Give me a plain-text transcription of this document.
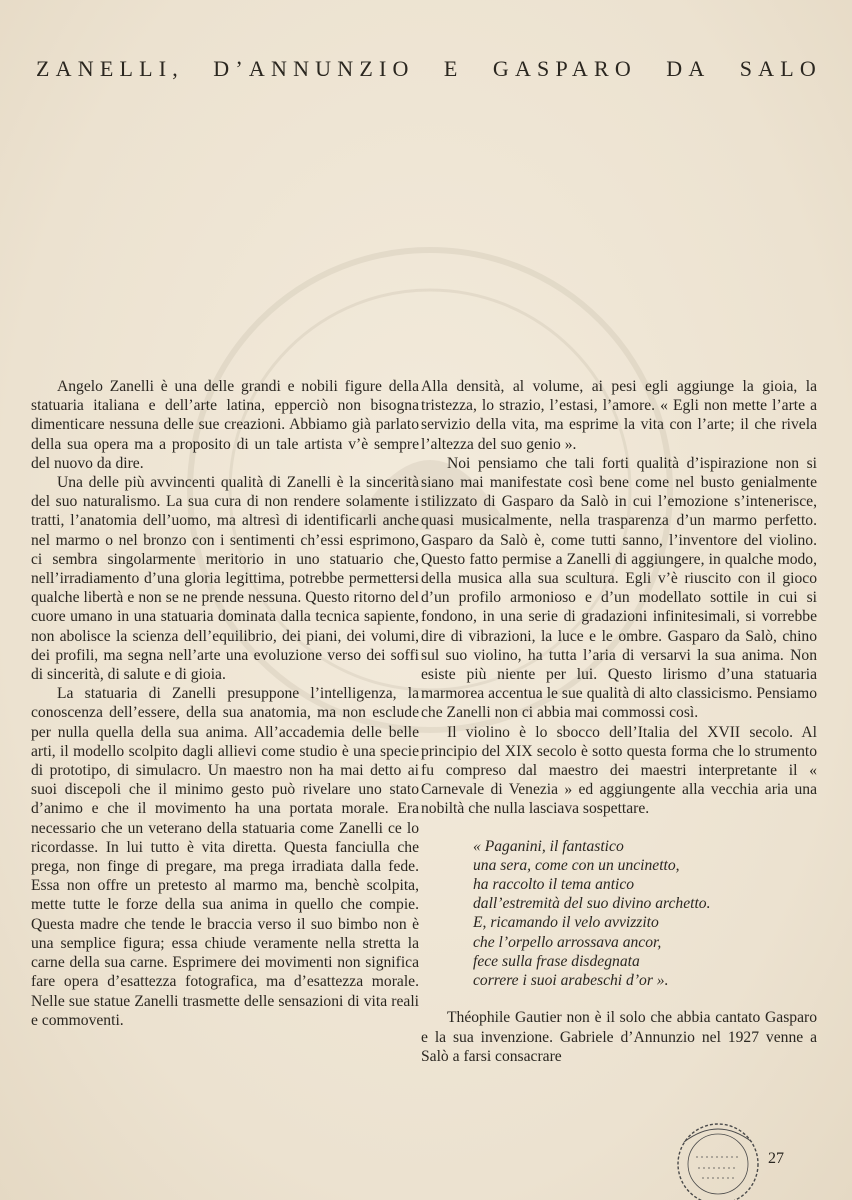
ZANELLI, D’ANNUNZIO E GASPARO DA SALO

Angelo Zanelli è una delle grandi e nobili figure della statuaria italiana e dell’arte latina, epperciò non bisogna dimenticare nessuna delle sue creazioni. Abbiamo già parlato della sua opera ma a proposito di un tale artista v’è sempre del nuovo da dire.

Una delle più avvincenti qualità di Zanelli è la sincerità del suo naturalismo. La sua cura di non rendere solamente i tratti, l’anatomia dell’uomo, ma altresì di identificarli anche nel marmo o nel bronzo con i sentimenti ch’essi esprimono, ci sembra singolarmente meritorio in uno statuario che, nell’irradiamento d’una gloria legittima, potrebbe permettersi qualche libertà e non se ne prende nessuna. Questo ritorno del cuore umano in una statuaria dominata dalla tecnica sapiente, non abolisce la scienza dell’equilibrio, dei piani, dei volumi, dei profili, ma segna nell’arte una evoluzione verso dei soffi di sincerità, di salute e di gioia.

La statuaria di Zanelli presuppone l’intelligenza, la conoscenza dell’essere, della sua anatomia, ma non esclude per nulla quella della sua anima. All’accademia delle belle arti, il modello scolpito dagli allievi come studio è una specie di prototipo, di simulacro. Un maestro non ha mai detto ai suoi discepoli che il minimo gesto può rivelare uno stato d’animo e che il movimento ha una portata morale. Era necessario che un veterano della statuaria come Zanelli ce lo ricordasse. In lui tutto è vita diretta. Questa fanciulla che prega, non finge di pregare, ma prega irradiata dalla fede. Essa non offre un pretesto al marmo ma, benchè scolpita, mette tutte le forze della sua anima in quello che compie. Questa madre che tende le braccia verso il suo bimbo non è una semplice figura; essa chiude veramente nella stretta la carne della sua carne. Esprimere dei movimenti non significa fare opera d’esattezza fotografica, ma d’esattezza morale. Nelle sue statue Zanelli trasmette delle sensazioni di vita reali e commoventi.

Alla densità, al volume, ai pesi egli aggiunge la gioia, la tristezza, lo strazio, l’estasi, l’amore. « Egli non mette l’arte a servizio della vita, ma esprime la vita con l’arte; il che rivela l’altezza del suo genio ».

Noi pensiamo che tali forti qualità d’ispirazione non si siano mai manifestate così bene come nel busto genialmente stilizzato di Gasparo da Salò in cui l’emozione s’intenerisce, quasi musicalmente, nella trasparenza d’un marmo perfetto. Gasparo da Salò è, come tutti sanno, l’inventore del violino. Questo fatto permise a Zanelli di aggiungere, in qualche modo, della musica alla sua scultura. Egli v’è riuscito con il gioco d’un profilo armonioso e d’un modellato sottile in cui si fondono, in una serie di gradazioni infinitesimali, si vorrebbe dire di vibrazioni, la luce e le ombre. Gasparo da Salò, chino sul suo violino, ha tutta l’aria di versarvi la sua anima. Non esiste più niente per lui. Questo lirismo d’una statuaria marmorea accentua le sue qualità di alto classicismo. Pensiamo che Zanelli non ci abbia mai commossi così.

Il violino è lo sbocco dell’Italia del XVII secolo. Al principio del XIX secolo è sotto questa forma che lo strumento fu compreso dal maestro dei maestri interpretante il « Carnevale di Venezia » ed aggiungente alla vecchia aria una nobiltà che nulla lasciava sospettare.

« Paganini, il fantastico
una sera, come con un uncinetto,
ha raccolto il tema antico
dall’estremità del suo divino archetto.
E, ricamando il velo avvizzito
che l’orpello arrossava ancor,
fece sulla frase disdegnata
correre i suoi arabeschi d’or ».

Théophile Gautier non è il solo che abbia cantato Gasparo e la sua invenzione. Gabriele d’Annunzio nel 1927 venne a Salò a farsi consacrare

27
